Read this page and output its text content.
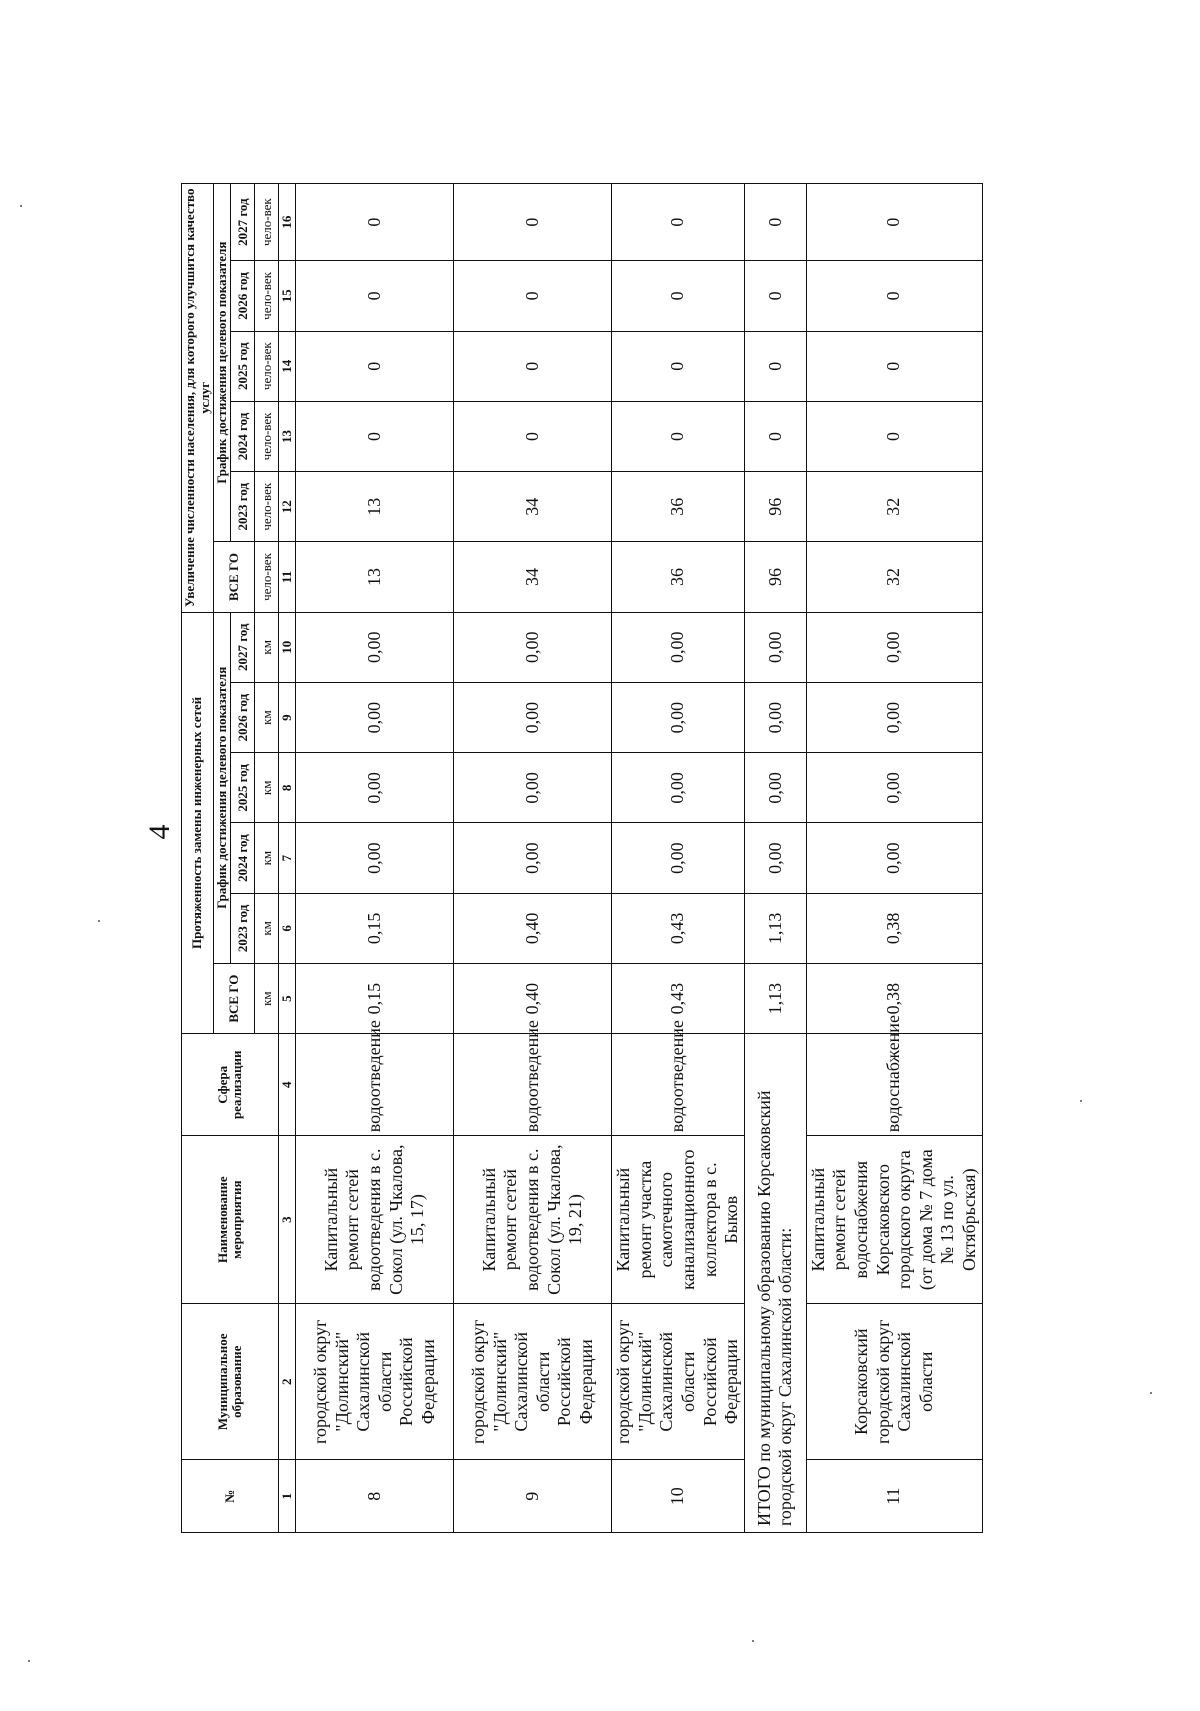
4
№	Муниципальное образование	Наименование мероприятия	Сфера реализации	Протяженность замены инженерных сетей						Увеличение численности населения, для которого улучшится качество услуг					
				ВСЕ ГО	График достижения целевого показателя					ВСЕ ГО	График достижения целевого показателя				
					2023 год	2024 год	2025 год	2026 год	2027 год		2023 год	2024 год	2025 год	2026 год	2027 год
				км	км	км	км	км	км	чело-век	чело-век	чело-век	чело-век	чело-век	чело-век
1	2	3	4	5	6	7	8	9	10	11	12	13	14	15	16
8	городской округ "Долинский" Сахалинской области Российской Федерации	Капитальный ремонт сетей водоотведения в с. Сокол (ул. Чкалова, 15, 17)	водоотведение	0,15	0,15	0,00	0,00	0,00	0,00	13	13	0	0	0	0
9	городской округ "Долинский" Сахалинской области Российской Федерации	Капитальный ремонт сетей водоотведения в с. Сокол (ул. Чкалова, 19, 21)	водоотведение	0,40	0,40	0,00	0,00	0,00	0,00	34	34	0	0	0	0
10	городской округ "Долинский" Сахалинской области Российской Федерации	Капитальный ремонт участка самотечного канализационного коллектора в с. Быков	водоотведение	0,43	0,43	0,00	0,00	0,00	0,00	36	36	0	0	0	0
ИТОГО по муниципальному образованию Корсаковский городской округ Сахалинской области:				1,13	1,13	0,00	0,00	0,00	0,00	96	96	0	0	0	0
11	Корсаковский городской округ Сахалинской области	Капитальный ремонт сетей водоснабжения Корсаковского городского округа (от дома № 7 дома № 13 по ул. Октябрьская)	водоснабжение	0,38	0,38	0,00	0,00	0,00	0,00	32	32	0	0	0	0
